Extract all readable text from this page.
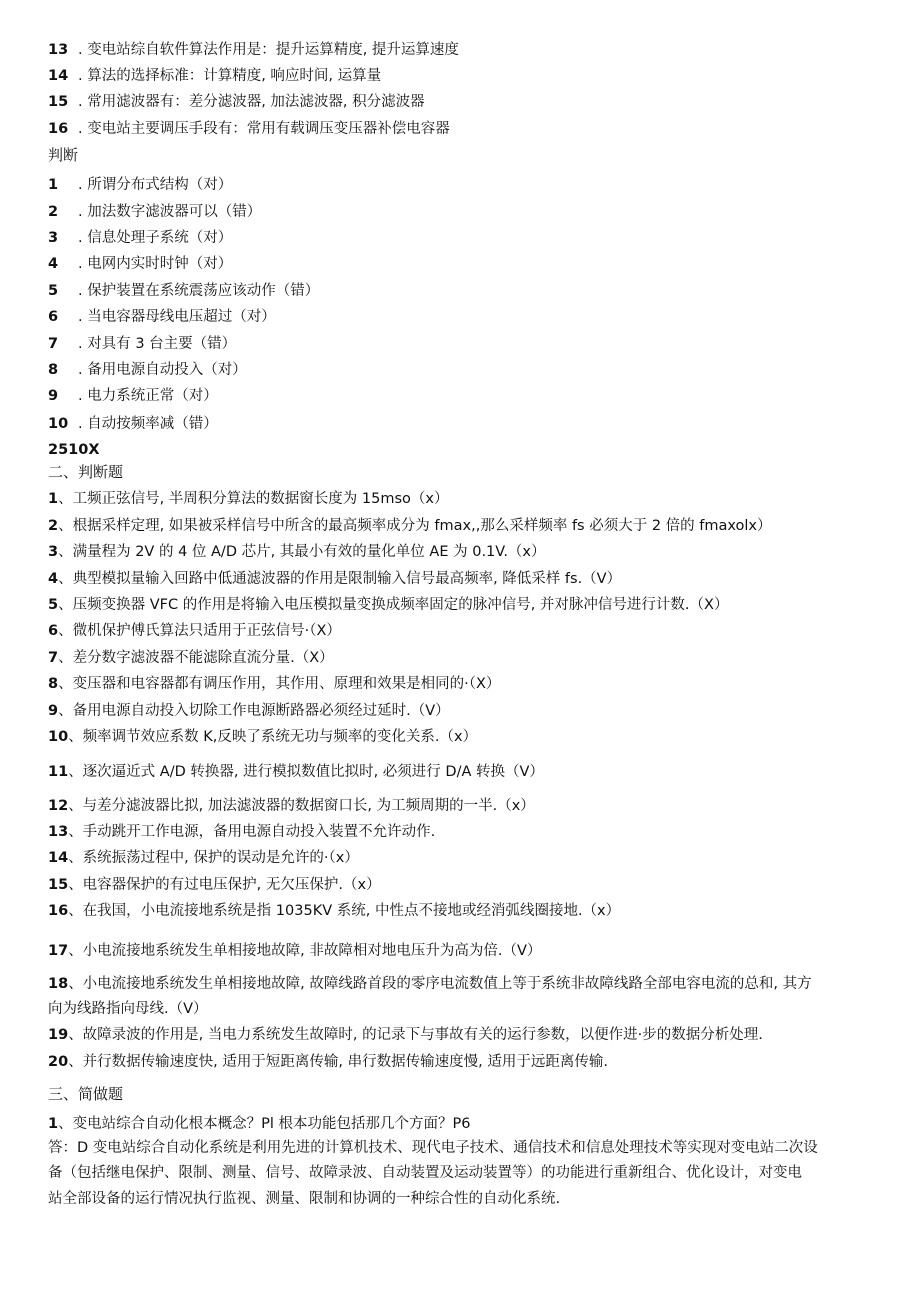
13 . 变电站综自软件算法作用是：提升运算精度, 提升运算速度
14 . 算法的选择标准：计算精度, 响应时间, 运算量
15 . 常用滤波器有：差分滤波器, 加法滤波器, 积分滤波器
16 . 变电站主要调压手段有：常用有载调压变压器补偿电容器
判断
1 . 所谓分布式结构（对）
2 . 加法数字滤波器可以（错）
3 . 信息处理子系统（对）
4 . 电网内实时时钟（对）
5 . 保护装置在系统震荡应该动作（错）
6 . 当电容器母线电压超过（对）
7 . 对具有 3 台主要（错）
8 . 备用电源自动投入（对）
9 . 电力系统正常（对）
10 . 自动按频率减（错）
2510X
二、判断题
1、工频正弦信号, 半周积分算法的数据窗长度为 15mso（x）
2、根据采样定理, 如果被采样信号中所含的最高频率成分为 fmax,,那么采样频率 fs 必须大于 2 倍的 fmaxolx）
3、满量程为 2V 的 4 位 A/D 芯片, 其最小有效的量化单位 AE 为 0.1V.（x）
4、典型模拟量输入回路中低通滤波器的作用是限制输入信号最高频率, 降低采样 fs.（V）
5、压频变换器 VFC 的作用是将输入电压模拟量变换成频率固定的脉冲信号, 并对脉冲信号进行计数.（X）
6、微机保护傅氏算法只适用于正弦信号·（X）
7、差分数字滤波器不能滤除直流分量.（X）
8、变压器和电容器都有调压作用，其作用、原理和效果是相同的·（X）
9、备用电源自动投入切除工作电源断路器必须经过延时.（V）
10、频率调节效应系数 K,反映了系统无功与频率的变化关系.（x）
11、逐次逼近式 A/D 转换器, 进行模拟数值比拟时, 必须进行 D/A 转换（V）
12、与差分滤波器比拟, 加法滤波器的数据窗口长, 为工频周期的一半.（x）
13、手动跳开工作电源，备用电源自动投入装置不允许动作.
14、系统振荡过程中, 保护的误动是允许的·（x）
15、电容器保护的有过电压保护, 无欠压保护.（x）
16、在我国，小电流接地系统是指 1035KV 系统, 中性点不接地或经消弧线圈接地.（x）
17、小电流接地系统发生单相接地故障, 非故障相对地电压升为高为倍.（V）
18、小电流接地系统发生单相接地故障, 故障线路首段的零序电流数值上等于系统非故障线路全部电容电流的总和, 其方
向为线路指向母线.（V）
19、故障录波的作用是, 当电力系统发生故障时, 的记录下与事故有关的运行参数，以便作进·步的数据分析处理.
20、并行数据传输速度快, 适用于短距离传输, 串行数据传输速度慢, 适用于远距离传输.
三、简做题
1、变电站综合自动化根本概念？Pl 根本功能包括那几个方面？P6
答：D 变电站综合自动化系统是利用先进的计算机技术、现代电子技术、通信技术和信息处理技术等实现对变电站二次设
备（包括继电保护、限制、测量、信号、故障录波、自动装置及运动装置等）的功能进行重新组合、优化设计，对变电
站全部设备的运行情况执行监视、测量、限制和协调的一种综合性的自动化系统.
